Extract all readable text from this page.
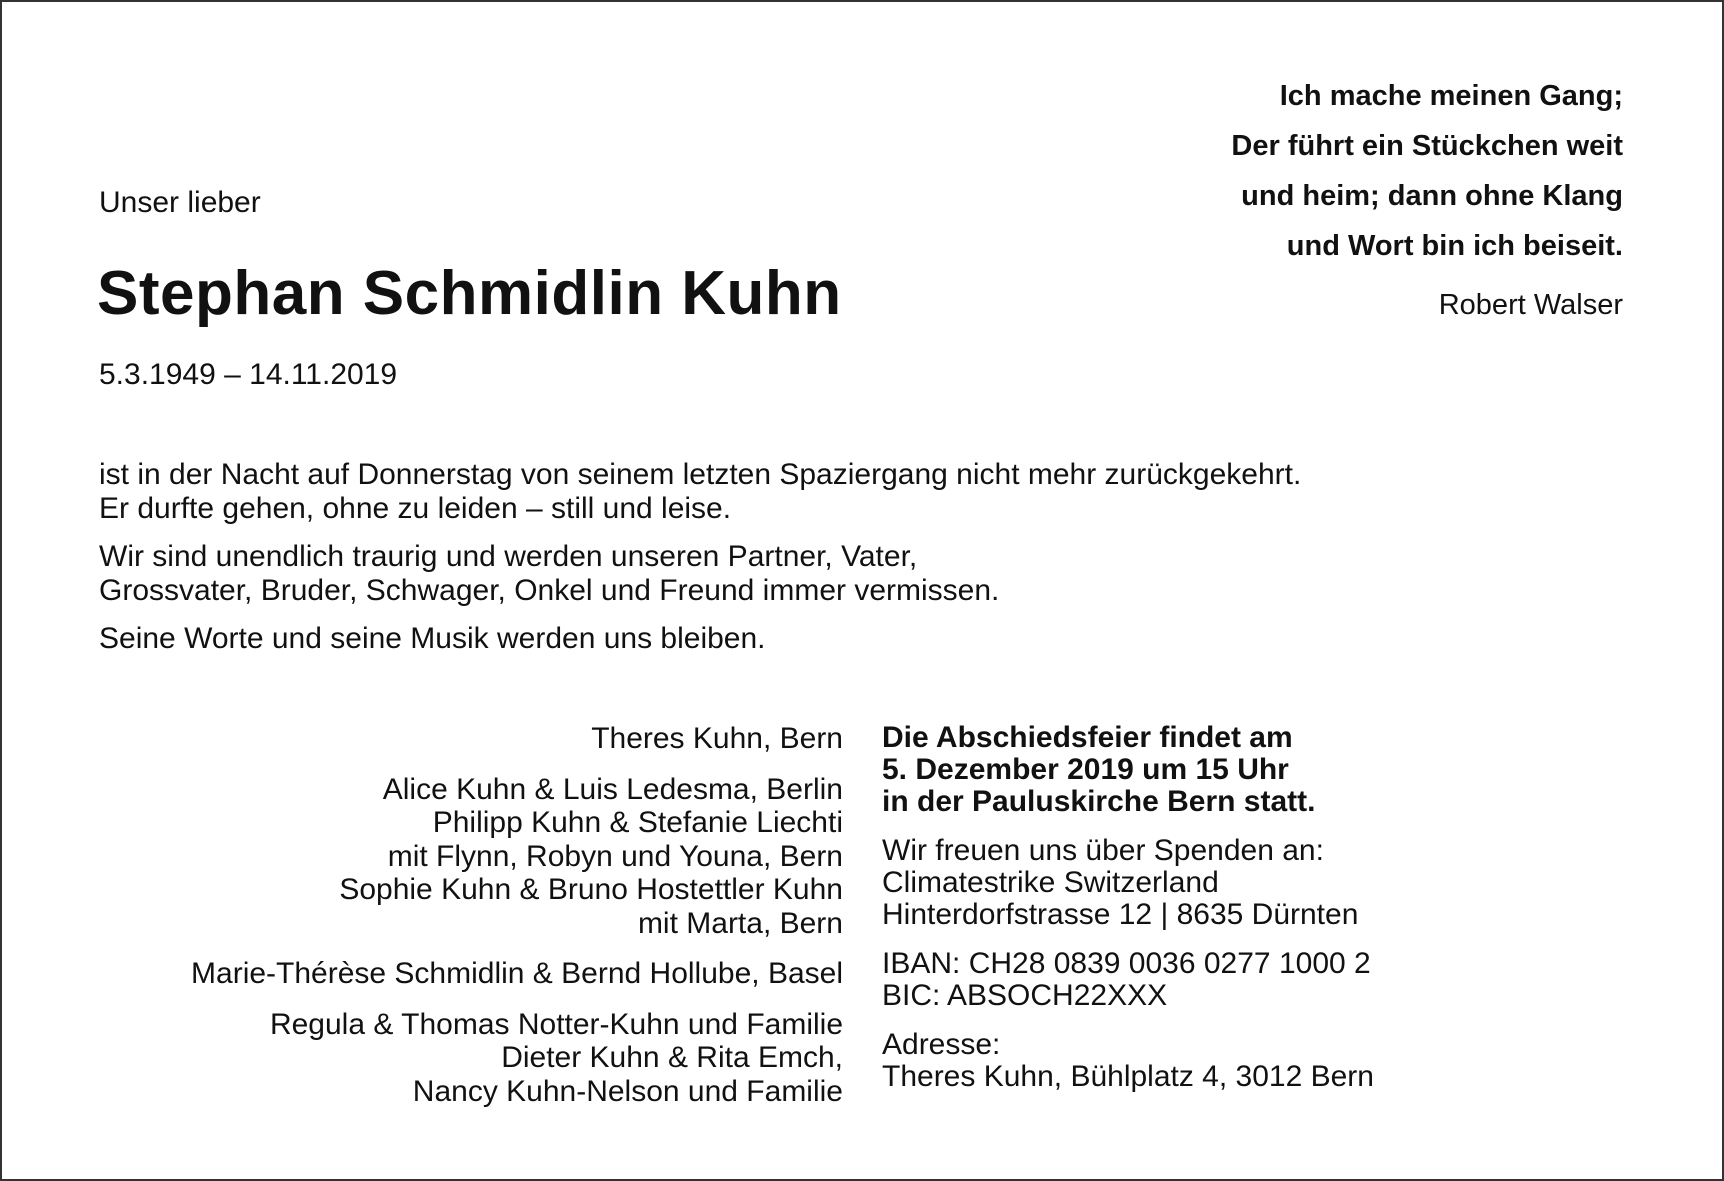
Unser lieber
Stephan Schmidlin Kuhn
5.3.1949 – 14.11.2019
Ich mache meinen Gang;
Der führt ein Stückchen weit
und heim; dann ohne Klang
und Wort bin ich beiseit.
Robert Walser

ist in der Nacht auf Donnerstag von seinem letzten Spaziergang nicht mehr zurückgekehrt.
Er durfte gehen, ohne zu leiden – still und leise.

Wir sind unendlich traurig und werden unseren Partner, Vater,
Grossvater, Bruder, Schwager, Onkel und Freund immer vermissen.

Seine Worte und seine Musik werden uns bleiben.

Theres Kuhn, Bern
Alice Kuhn & Luis Ledesma, Berlin
Philipp Kuhn & Stefanie Liechti
mit Flynn, Robyn und Youna, Bern
Sophie Kuhn & Bruno Hostettler Kuhn
mit Marta, Bern
Marie-Thérèse Schmidlin & Bernd Hollube, Basel
Regula & Thomas Notter-Kuhn und Familie
Dieter Kuhn & Rita Emch,
Nancy Kuhn-Nelson und Familie
Die Abschiedsfeier findet am
5. Dezember 2019 um 15 Uhr
in der Pauluskirche Bern statt.
Wir freuen uns über Spenden an:
Climatestrike Switzerland
Hinterdorfstrasse 12 | 8635 Dürnten
IBAN: CH28 0839 0036 0277 1000 2
BIC: ABSOCH22XXX
Adresse:
Theres Kuhn, Bühlplatz 4, 3012 Bern
